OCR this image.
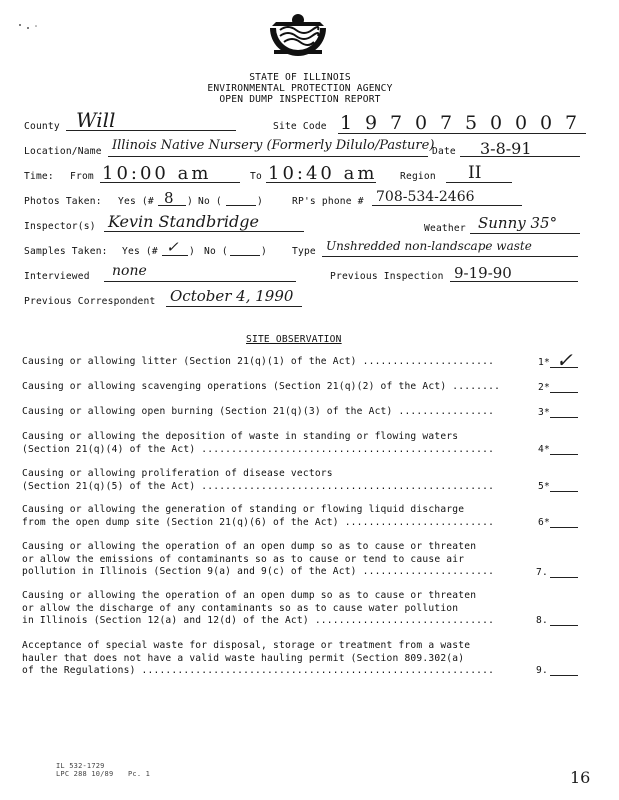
STATE OF ILLINOIS
ENVIRONMENTAL PROTECTION AGENCY
OPEN DUMP INSPECTION REPORT
County Will	Site Code 1 9 7 0 7 5 0 0 0 7
Location/Name Illinois Native Nursery (Formerly Dilulo/Pasture)
Date 3-8-91
Time: From 10:00 am	To 10:40 am Region II
Photos Taken: Yes (# 8 ) No (	)	RP's phone # 708-534-2466
Inspector(s) Kevin Standbridge	Weather Sunny 35°
Samples Taken: Yes (# ✓ ) No (	)	Type Unshredded non-landscape waste
Interviewed none	Previous Inspection 9-19-90
Previous Correspondent October 4, 1990
SITE OBSERVATION
Causing or allowing litter (Section 21(q)(1) of the Act) ......................	1* ✓
Causing or allowing scavenging operations (Section 21(q)(2) of the Act) ........	2*
Causing or allowing open burning (Section 21(q)(3) of the Act) ................	3*
Causing or allowing the deposition of waste in standing or flowing waters
(Section 21(q)(4) of the Act) .................................................	4*
Causing or allowing proliferation of disease vectors
(Section 21(q)(5) of the Act) .................................................	5*
Causing or allowing the generation of standing or flowing liquid discharge
from the open dump site (Section 21(q)(6) of the Act) .........................	6*
Causing or allowing the operation of an open dump so as to cause or threaten
or allow the emissions of contaminants so as to cause or tend to cause air
pollution in Illinois (Section 9(a) and 9(c) of the Act) ......................	7.
Causing or allowing the operation of an open dump so as to cause or threaten
or allow the discharge of any contaminants so as to cause water pollution
in Illinois (Section 12(a) and 12(d) of the Act) ..............................	8.
Acceptance of special waste for disposal, storage or treatment from a waste
hauler that does not have a valid waste hauling permit (Section 809.302(a)
of the Regulations) ...........................................................	9.
IL 532-1729
LPC 288 10/89 Pc. 1	16
